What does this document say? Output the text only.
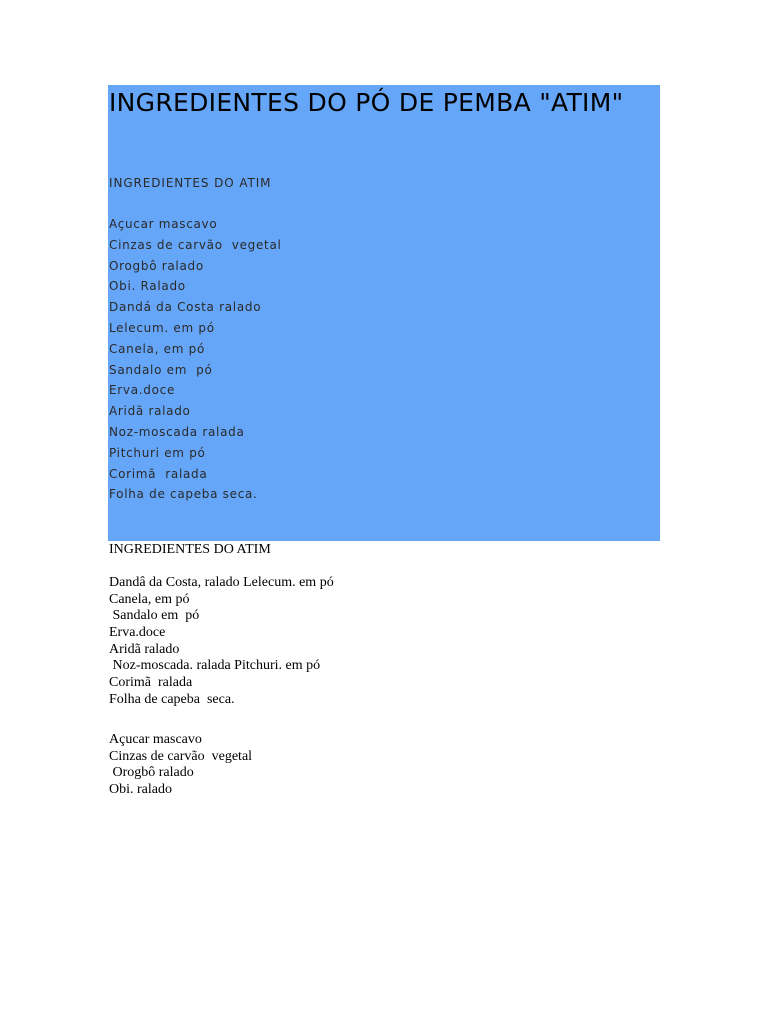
INGREDIENTES DO PÓ DE PEMBA "ATIM"
INGREDIENTES DO ATIM
Açucar mascavo
Cinzas de carvão  vegetal
Orogbô ralado
Obi. Ralado
Dandá da Costa ralado
Lelecum. em pó
Canela, em pó
Sandalo em  pó
Erva.doce
Aridã ralado
Noz-moscada ralada
Pitchuri em pó
Corimã  ralada
Folha de capeba seca.
INGREDIENTES DO ATIM
Dandâ da Costa, ralado Lelecum. em pó
Canela, em pó
Sandalo em  pó
Erva.doce
Aridã ralado
Noz-moscada. ralada Pitchuri. em pó
Corimã  ralada
Folha de capeba  seca.
Açucar mascavo
Cinzas de carvão  vegetal
Orogbô ralado
Obi. ralado
